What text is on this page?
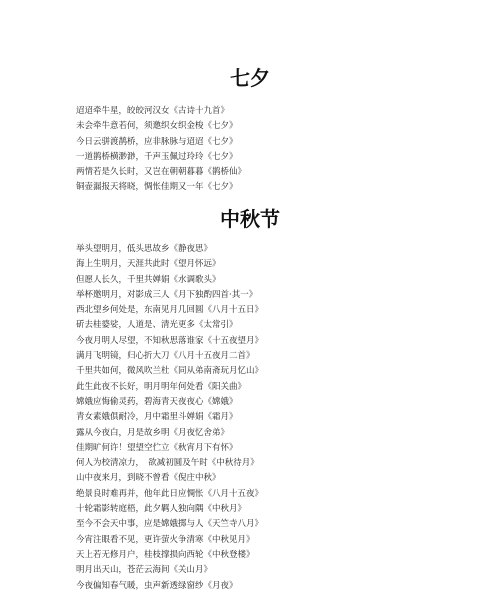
七夕
迢迢牵牛星，皎皎河汉女《古诗十九首》
未会牵牛意若何，须邀织女织金梭《七夕》
今日云骈渡鹊桥，应非脉脉与迢迢《七夕》
一道鹊桥横渺渺，千声玉佩过玲玲《七夕》
两情若是久长时，又岂在朝朝暮暮《鹊桥仙》
铜壶漏报天将晓，惆怅佳期又一年《七夕》
中秋节
举头望明月，低头思故乡《静夜思》
海上生明月，天涯共此时《望月怀远》
但愿人长久，千里共婵娟《水调歌头》
举杯邀明月，对影成三人《月下独酌四首·其一》
西北望乡何处是，东南见月几回圆《八月十五日》
斫去桂婆娑，人道是、清光更多《太常引》
今夜月明人尽望，不知秋思落谁家《十五夜望月》
满月飞明镜，归心折大刀《八月十五夜月二首》
千里共如何，微风吹兰杜《同从弟南斋玩月忆山》
此生此夜不长好，明月明年何处看《阳关曲》
嫦娥应悔偷灵药，碧海青天夜夜心《嫦娥》
青女素娥俱耐冷，月中霜里斗婵娟《霜月》
露从今夜白，月是故乡明《月夜忆舍弟》
佳期旷何许！望望空伫立《秋宵月下有怀》
何人为校清凉力，　欲减初圆及午时《中秋待月》
山中夜来月，到晓不曾看《倪庄中秋》
绝景良时难再并，他年此日应惆怅《八月十五夜》
十轮霜影转庭梧，此夕羁人独向隅《中秋月》
至今不会天中事，应是嫦娥掷与人《天竺寺八月》
今宵注眼看不见，更许萤火争清寒《中秋见月》
天上若无修月户，桂枝撑损向西轮《中秋登楼》
明月出天山，苍茫云海间《关山月》
今夜偏知春气暖，虫声新透绿窗纱《月夜》
